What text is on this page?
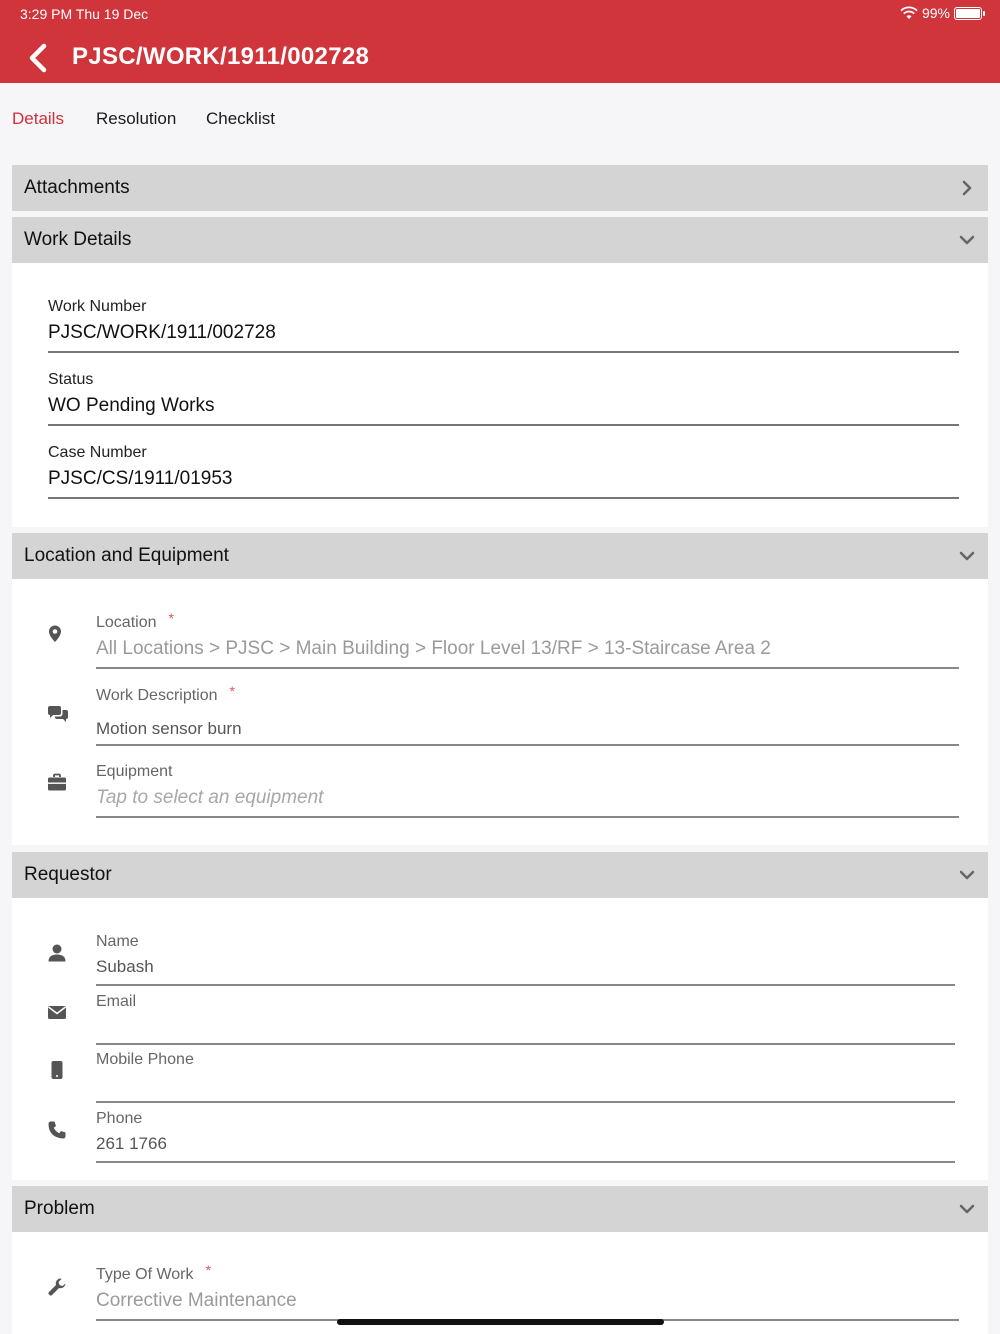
3:29 PM Thu 19 Dec	99%
PJSC/WORK/1911/002728
Details Resolution Checklist
Attachments
Work Details
Work Number
PJSC/WORK/1911/002728
Status
WO Pending Works
Case Number
PJSC/CS/1911/01953
Location and Equipment
Location *
All Locations > PJSC > Main Building > Floor Level 13/RF > 13-Staircase Area 2
Work Description *
Motion sensor burn
Equipment
Tap to select an equipment
Requestor
Name
Subash
Email
Mobile Phone
Phone
261 1766
Problem
Type Of Work *
Corrective Maintenance
